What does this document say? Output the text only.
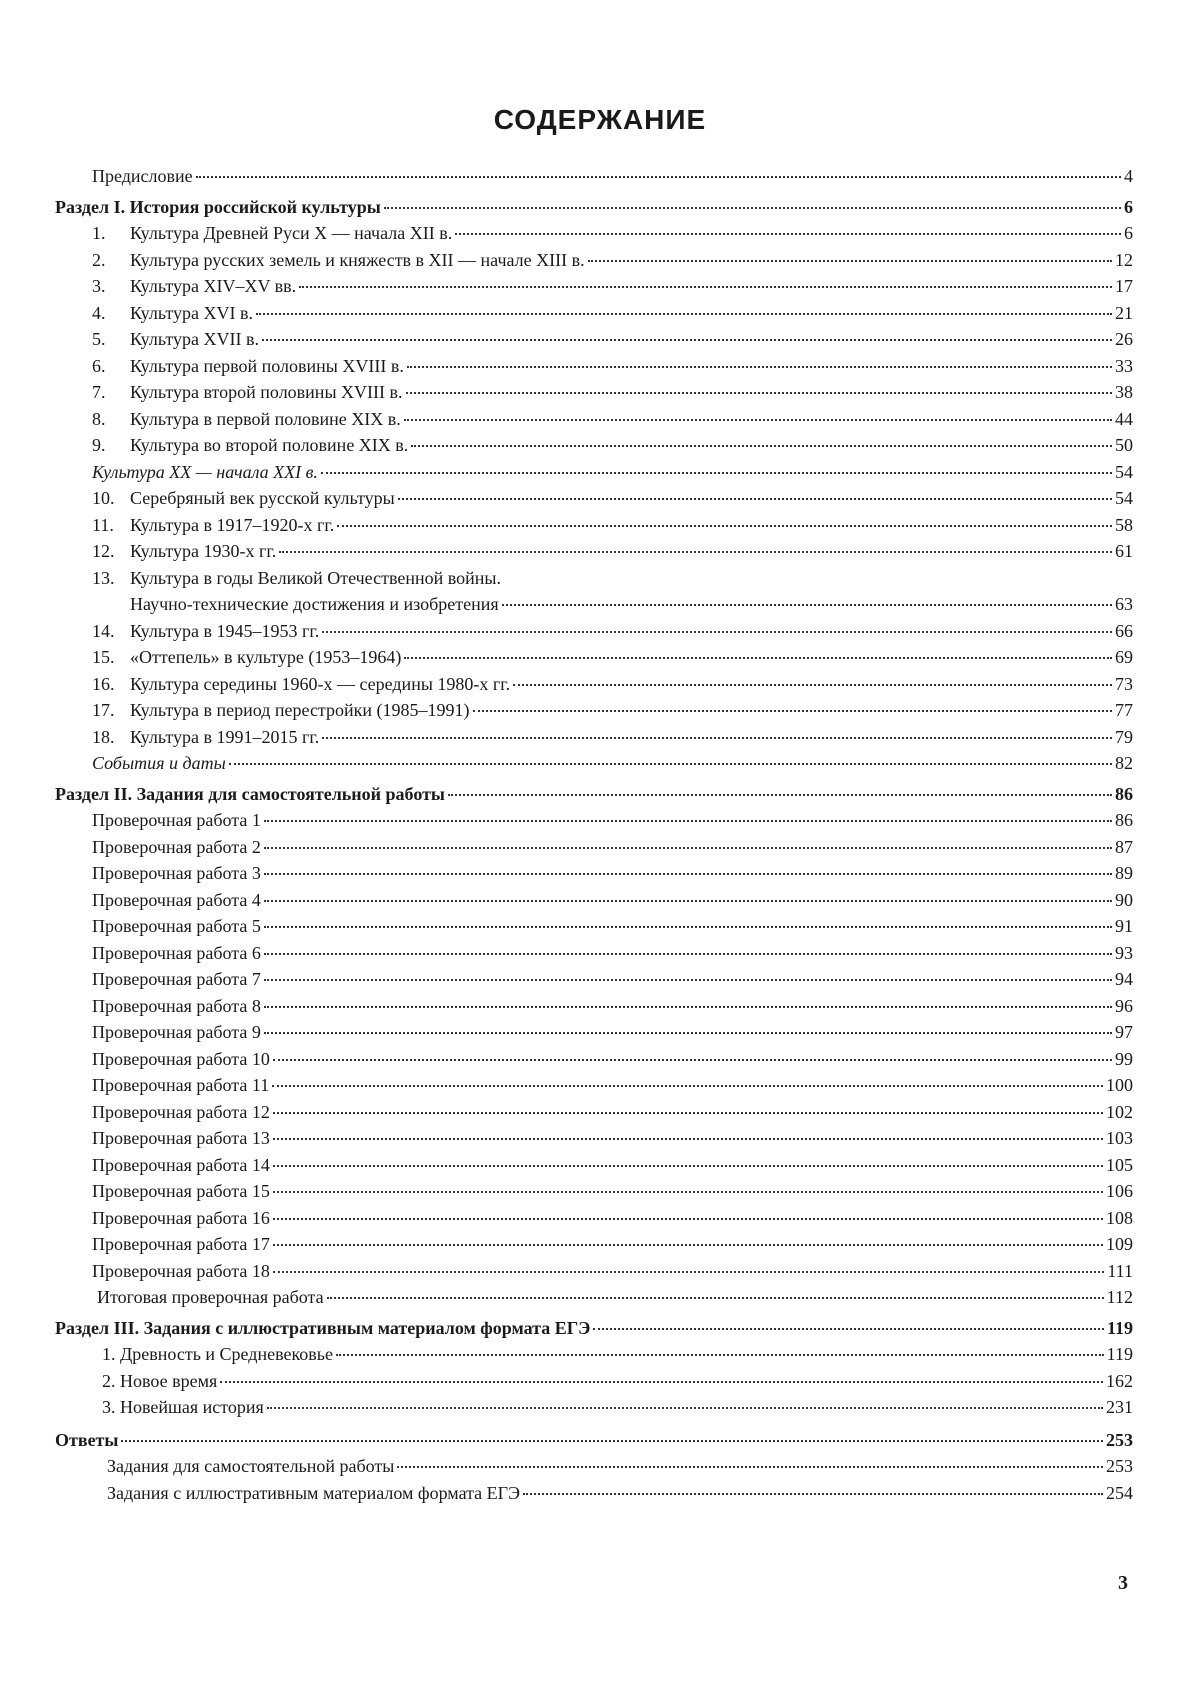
СОДЕРЖАНИЕ
Предисловие	4
Раздел I. История российской культуры	6
1.	Культура Древней Руси X — начала XII в.	6
2.	Культура русских земель и княжеств в XII — начале XIII в.	12
3.	Культура XIV–XV вв.	17
4.	Культура XVI в.	21
5.	Культура XVII в.	26
6.	Культура первой половины XVIII в.	33
7.	Культура второй половины XVIII в.	38
8.	Культура в первой половине XIX в.	44
9.	Культура во второй половине XIX в.	50
Культура XX — начала XXI в.	54
10. Серебряный век русской культуры	54
11. Культура в 1917–1920-х гг.	58
12. Культура 1930-х гг.	61
13. Культура в годы Великой Отечественной войны.
Научно-технические достижения и изобретения	63
14. Культура в 1945–1953 гг.	66
15. «Оттепель» в культуре (1953–1964)	69
16. Культура середины 1960-х — середины 1980-х гг.	73
17. Культура в период перестройки (1985–1991)	77
18. Культура в 1991–2015 гг.	79
События и даты	82
Раздел II. Задания для самостоятельной работы	86
Проверочная работа 1	86
Проверочная работа 2	87
Проверочная работа 3	89
Проверочная работа 4	90
Проверочная работа 5	91
Проверочная работа 6	93
Проверочная работа 7	94
Проверочная работа 8	96
Проверочная работа 9	97
Проверочная работа 10	99
Проверочная работа 11	100
Проверочная работа 12	102
Проверочная работа 13	103
Проверочная работа 14	105
Проверочная работа 15	106
Проверочная работа 16	108
Проверочная работа 17	109
Проверочная работа 18	111
Итоговая проверочная работа	112
Раздел III. Задания с иллюстративным материалом формата ЕГЭ	119
1. Древность и Средневековье	119
2. Новое время	162
3. Новейшая история	231
Ответы	253
Задания для самостоятельной работы	253
Задания с иллюстративным материалом формата ЕГЭ	254
3
